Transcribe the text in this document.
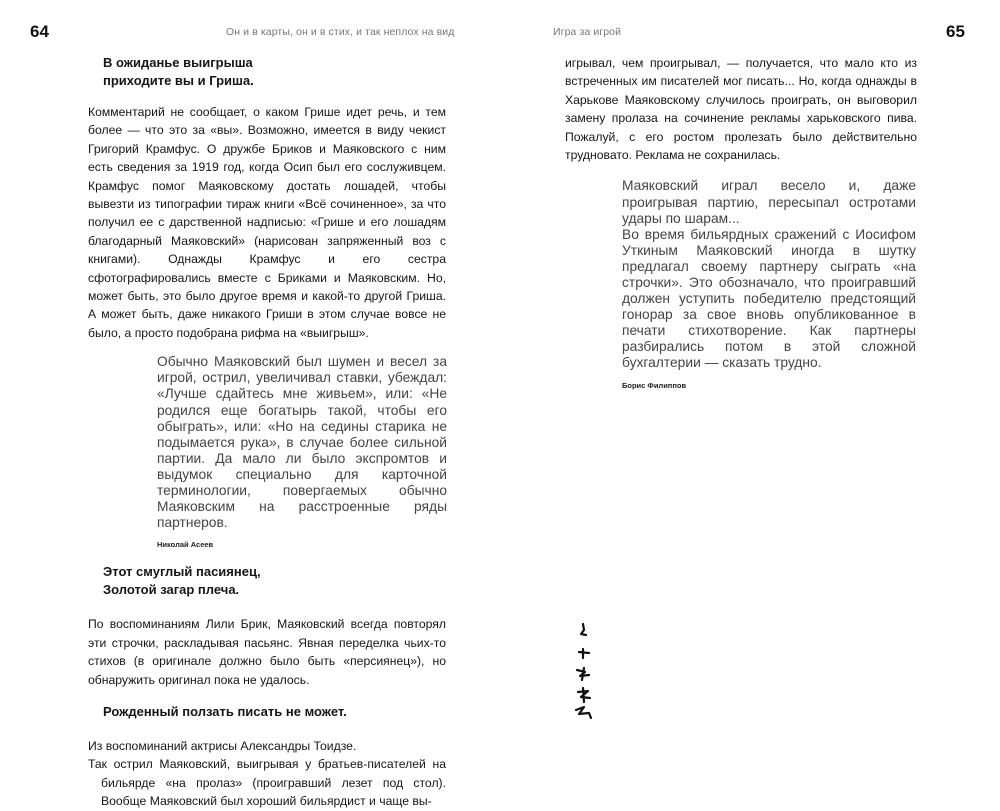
64	Он и в карты, он и в стих, и так неплох на вид	Игра за игрой	65

В ожиданье выигрыша
приходите вы и Гриша.

Комментарий не сообщает, о каком Грише идет речь, и тем более — что это за «вы». Возможно, имеется в виду чекист Григорий Крамфус. О дружбе Бриков и Маяковского с ним есть сведения за 1919 год, когда Осип был его сослуживцем. Крамфус помог Маяковскому достать лошадей, чтобы вывезти из типографии тираж книги «Всё сочиненное», за что получил ее с дарственной надписью: «Грише и его лошадям благодарный Маяковский» (нарисован запряженный воз с книгами). Однажды Крамфус и его сестра сфотографировались вместе с Бриками и Маяковским. Но, может быть, это было другое время и какой-то другой Гриша. А может быть, даже никакого Гриши в этом случае вовсе не было, а просто подобрана рифма на «выигрыш».

Обычно Маяковский был шумен и весел за игрой, острил, увеличивал ставки, убеждал: «Лучше сдайтесь мне живьем», или: «Не родился еще богатырь такой, чтобы его обыграть», или: «Но на седины старика не подымается рука», в случае более сильной партии. Да мало ли было экспромтов и выдумок специально для карточной терминологии, повергаемых обычно Маяковским на расстроенные ряды партнеров.

Николай Асеев

Этот смуглый пасиянец,
Золотой загар плеча.

По воспоминаниям Лили Брик, Маяковский всегда повторял эти строчки, раскладывая пасьянс. Явная переделка чьих-то стихов (в оригинале должно было быть «персиянец»), но обнаружить оригинал пока не удалось.

Рожденный ползать писать не может.

Из воспоминаний актрисы Александры Тоидзе.

Так острил Маяковский, выигрывая у братьев-писателей на бильярде «на пролаз» (проигравший лезет под стол). Вообще Маяковский был хороший бильярдист и чаще вы-

игрывал, чем проигрывал, — получается, что мало кто из встреченных им писателей мог писать... Но, когда однажды в Харькове Маяковскому случилось проиграть, он выговорил замену пролаза на сочинение рекламы харьковского пива. Пожалуй, с его ростом пролезать было действительно трудновато. Реклама не сохранилась.

Маяковский играл весело и, даже проигрывая партию, пересыпал остротами удары по шарам...
Во время бильярдных сражений с Иосифом Уткиным Маяковский иногда в шутку предлагал своему партнеру сыграть «на строчки». Это обозначало, что проигравший должен уступить победителю предстоящий гонорар за свое вновь опубликованное в печати стихотворение. Как партнеры разбирались потом в этой сложной бухгалтерии — сказать трудно.

Борис Филиппов
